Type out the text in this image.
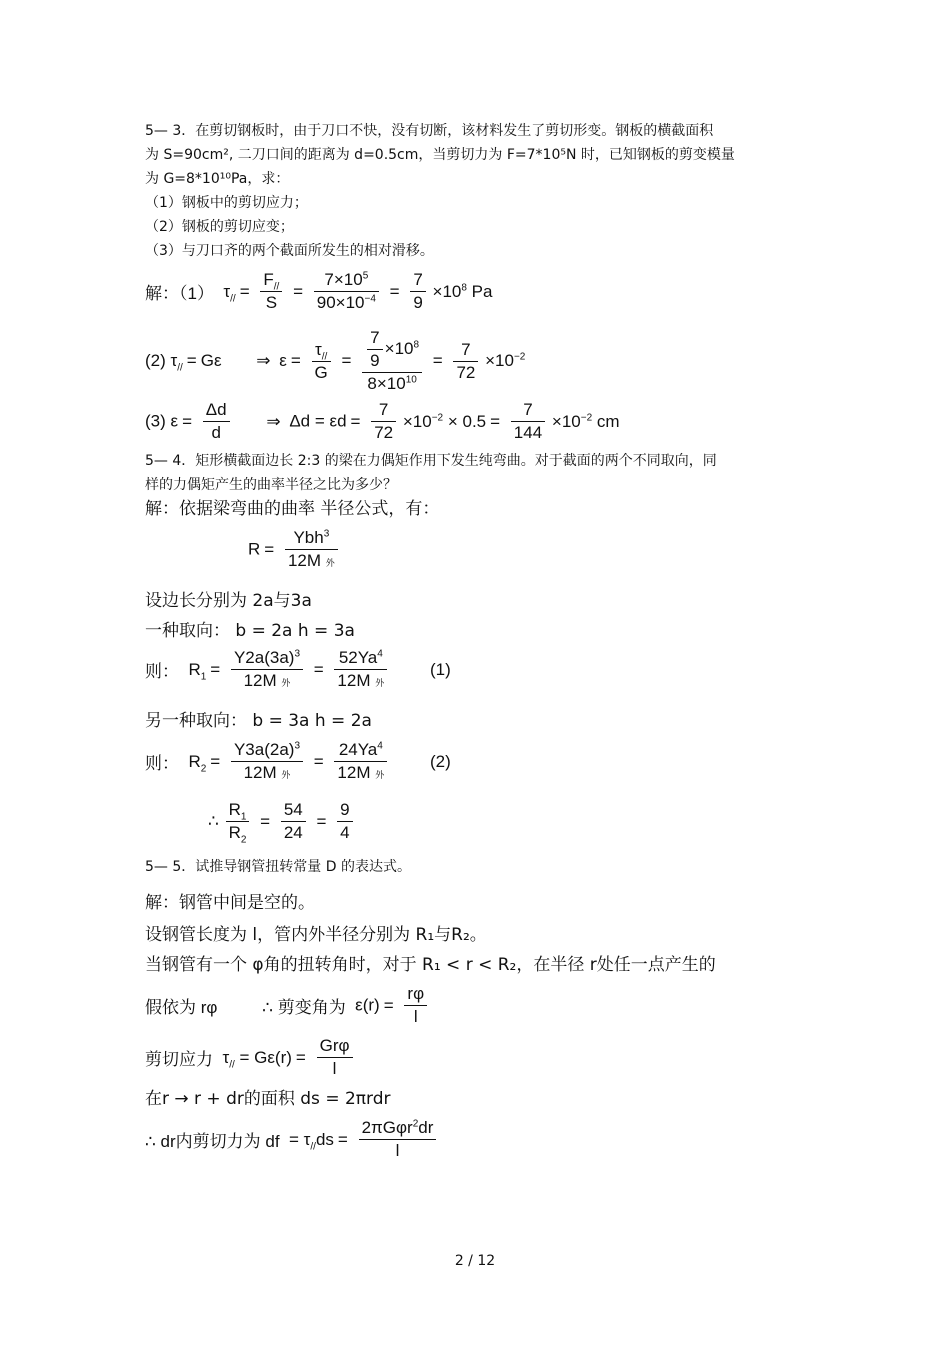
5— 3．在剪切钢板时，由于刀口不快，没有切断，该材料发生了剪切形变。钢板的横截面积
为 S=90cm², 二刀口间的距离为 d=0.5cm，当剪切力为 F=7*10⁵N 时，已知钢板的剪变模量
为 G=8*10¹⁰Pa，求：
（1）钢板中的剪切应力；
（2）钢板的剪切应变；
（3）与刀口齐的两个截面所发生的相对滑移。
解：（1）  $\tau_{//} = \frac{F_{//}}{S} = \frac{7\times 10^5}{90\times 10^{-4}} = \frac{7}{9} \times 10^8$ Pa
(2) $\tau_{//} = G\varepsilon$ ⇒ $\varepsilon = \frac{\tau_{//}}{G} = \frac{\frac{7}{9} \times 10^8}{8\times 10^{10}} = \frac{7}{72} \times 10^{-2}$
(3) $\varepsilon = \frac{\Delta d}{d}$ ⇒ $\Delta d = \varepsilon d = \frac{7}{72} \times 10^{-2} \times 0.5 = \frac{7}{144} \times 10^{-2}$ cm
5— 4．矩形横截面边长 2:3 的梁在力偶矩作用下发生纯弯曲。对于截面的两个不同取向，同
样的力偶矩产生的曲率半径之比为多少？
解：依据梁弯曲的曲率 半径公式，有：
$R = \frac{Ybh^3}{\text{12M 外}}$
设边长分别为 2a与3a
一种取向： b = 2a h = 3a
则：  $R_1 = \frac{Y2a(3a)^3}{\text{12M 外}} = \frac{52Ya^4}{\text{12M 外}}$	(1)
另一种取向： b = 3a h = 2a
则：  $R_2 = \frac{Y3a(2a)^3}{\text{12M 外}} = \frac{24Ya^4}{\text{12M 外}}$	(2)
∴ $\frac{R_1}{R_2} = \frac{54}{24} = \frac{9}{4}$
5— 5．试推导钢管扭转常量 D 的表达式。
解：钢管中间是空的。
设钢管长度为 l，管内外半径分别为 R₁与R₂。
当钢管有一个 φ角的扭转角时，对于 R₁ < r < R₂，在半径 r处任一点产生的
假依为 rφ	∴ 剪变角为  $\varepsilon(r) = \frac{r\varphi}{l}$
剪切应力  $\tau_{//} = G\varepsilon(r) = \frac{\text{Grφ}}{l}$
在r → r + dr的面积 ds = 2πrdr
∴ dr内剪切力为 df  = $\tau_{//}ds = \frac{2\pi G\varphi r^2dr}{l}$
2 / 12
